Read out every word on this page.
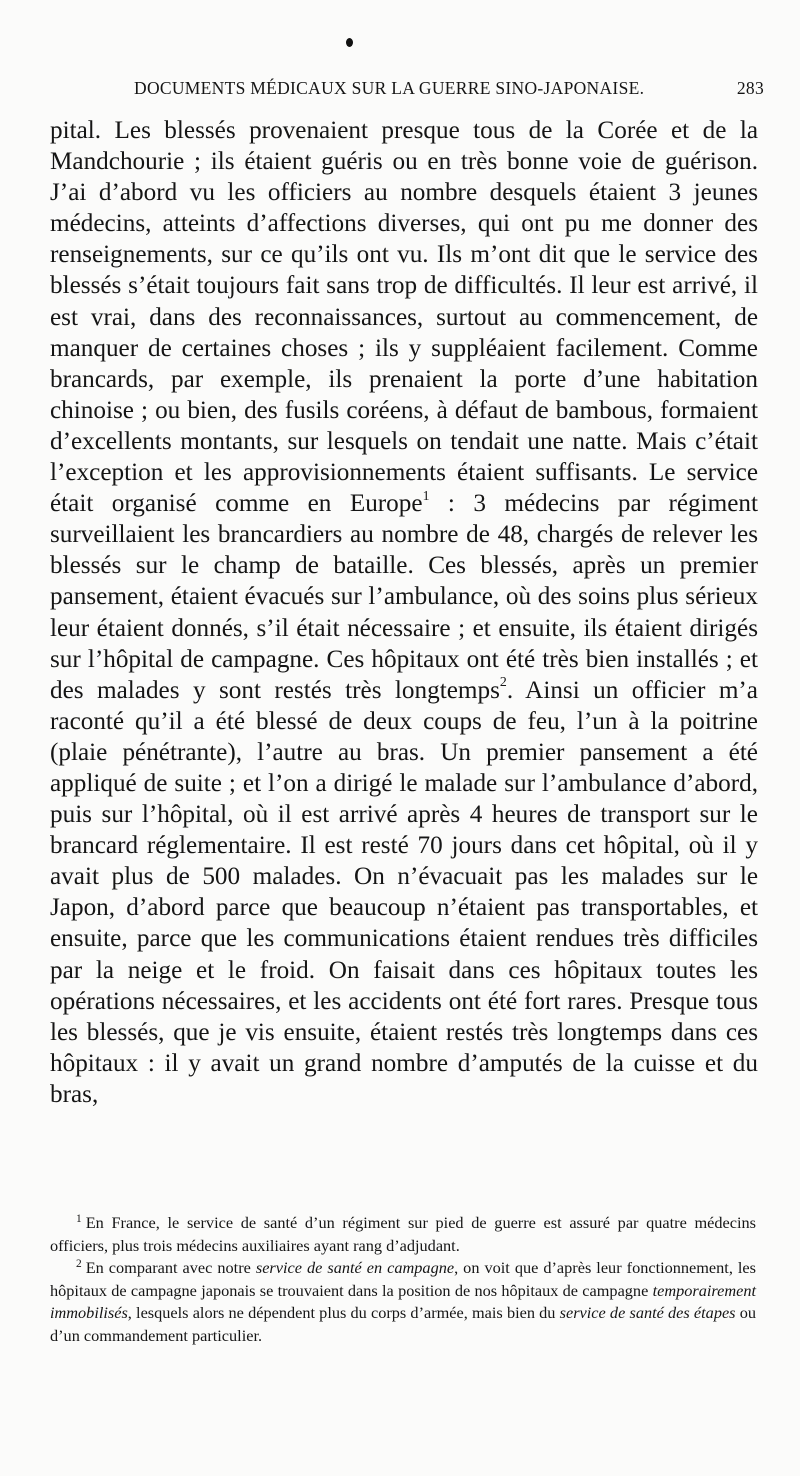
DOCUMENTS MÉDICAUX SUR LA GUERRE SINO-JAPONAISE.	283

pital. Les blessés provenaient presque tous de la Corée et de la Mandchourie ; ils étaient guéris ou en très bonne voie de guérison. J’ai d’abord vu les officiers au nombre desquels étaient 3 jeunes médecins, atteints d’affections diverses, qui ont pu me donner des renseignements, sur ce qu’ils ont vu. Ils m’ont dit que le service des blessés s’était toujours fait sans trop de difficultés. Il leur est arrivé, il est vrai, dans des reconnaissances, surtout au commencement, de manquer de certaines choses ; ils y suppléaient facilement. Comme brancards, par exemple, ils prenaient la porte d’une habitation chinoise ; ou bien, des fusils coréens, à défaut de bambous, formaient d’excellents montants, sur lesquels on tendait une natte. Mais c’était l’exception et les approvisionnements étaient suffisants. Le service était organisé comme en Europe$^1$ : 3 médecins par régiment surveillaient les brancardiers au nombre de 48, chargés de relever les blessés sur le champ de bataille. Ces blessés, après un premier pansement, étaient évacués sur l’ambulance, où des soins plus sérieux leur étaient donnés, s’il était nécessaire ; et ensuite, ils étaient dirigés sur l’hôpital de campagne. Ces hôpitaux ont été très bien installés ; et des malades y sont restés très longtemps$^2$. Ainsi un officier m’a raconté qu’il a été blessé de deux coups de feu, l’un à la poitrine (plaie pénétrante), l’autre au bras. Un premier pansement a été appliqué de suite ; et l’on a dirigé le malade sur l’ambulance d’abord, puis sur l’hôpital, où il est arrivé après 4 heures de transport sur le brancard réglementaire. Il est resté 70 jours dans cet hôpital, où il y avait plus de 500 malades. On n’évacuait pas les malades sur le Japon, d’abord parce que beaucoup n’étaient pas transportables, et ensuite, parce que les communications étaient rendues très difficiles par la neige et le froid. On faisait dans ces hôpitaux toutes les opérations nécessaires, et les accidents ont été fort rares. Presque tous les blessés, que je vis ensuite, étaient restés très longtemps dans ces hôpitaux : il y avait un grand nombre d’amputés de la cuisse et du bras,

$^1$ En France, le service de santé d’un régiment sur pied de guerre est assuré par quatre médecins officiers, plus trois médecins auxiliaires ayant rang d’adjudant.

$^2$ En comparant avec notre service de santé en campagne, on voit que d’après leur fonctionnement, les hôpitaux de campagne japonais se trouvaient dans la position de nos hôpitaux de campagne temporairement immobilisés, lesquels alors ne dépendent plus du corps d’armée, mais bien du service de santé des étapes ou d’un commandement particulier.
